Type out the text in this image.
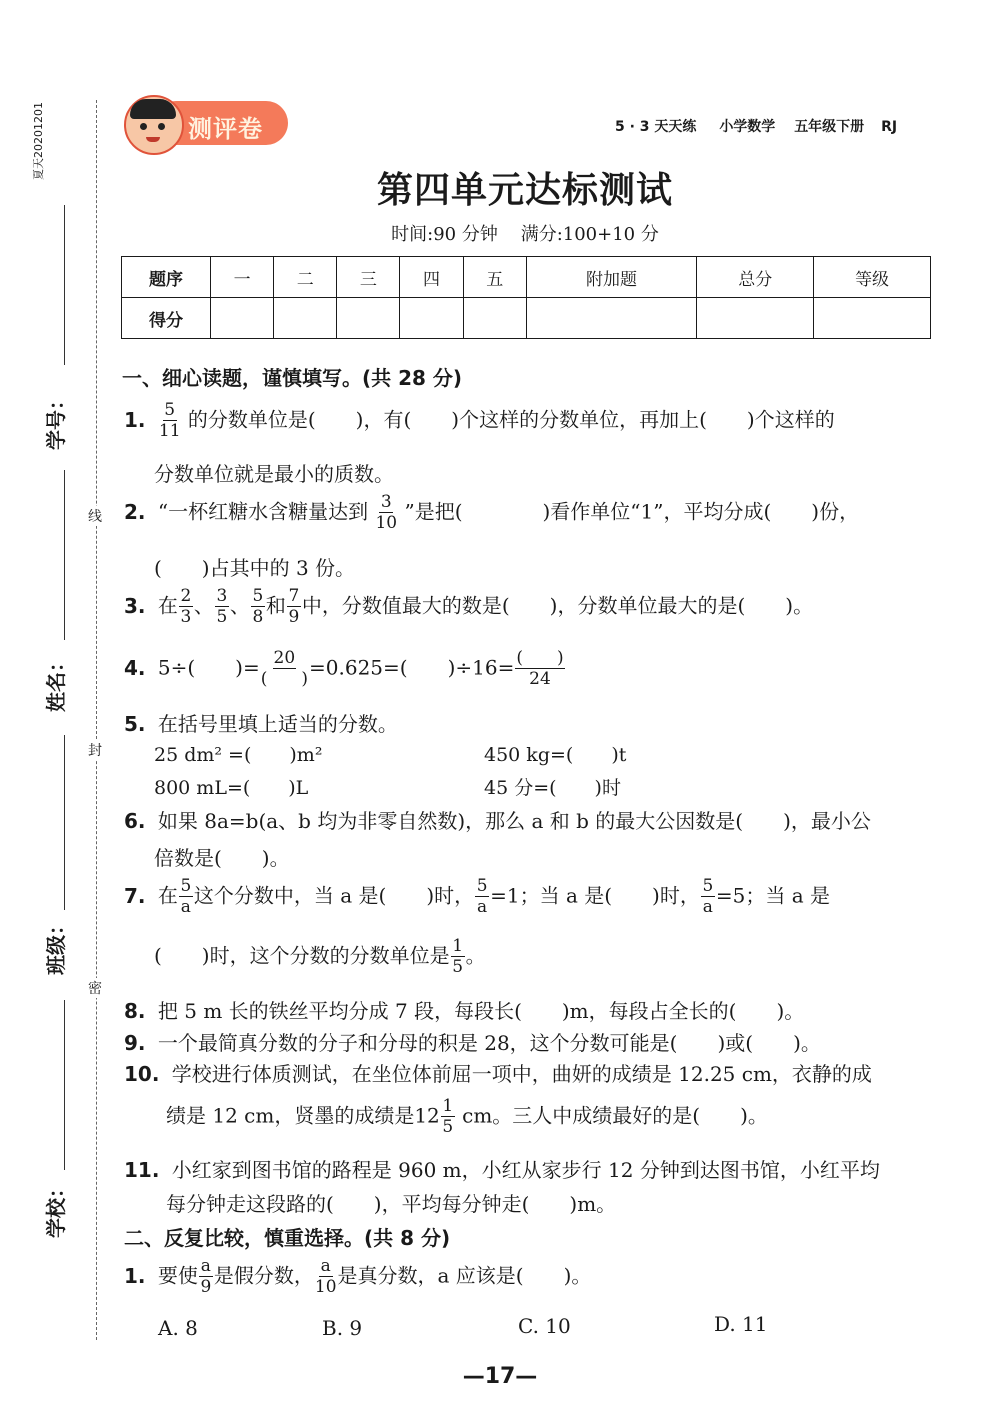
夏天20201201
学号：
姓名：
班级：
学校：
线
封
密
测评卷	5 · 3 天天练 小学数学 五年级下册 RJ
第四单元达标测试
时间:90 分钟    满分:100+10 分
题序	一	二	三	四	五	附加题	总分	等级
得分								
一、细心读题，谨慎填写。(共 28 分)
1. $\frac{5}{11}$ 的分数单位是(　　)，有(　　)个这样的分数单位，再加上(　　)个这样的
分数单位就是最小的质数。
2. “一杯红糖水含糖量达到 $\frac{3}{10}$ ”是把(　　　　)看作单位“1”，平均分成(　　)份，
(　　)占其中的 3 份。
3. 在 $\frac{2}{3}$ 、 $\frac{3}{5}$ 、 $\frac{5}{8}$ 和 $\frac{7}{9}$ 中，分数值最大的数是(　　)，分数单位最大的是(　　)。
4. 5÷(　　)= $\frac{20}{( )} =0.625=$(　　)$\div 16= \frac{( )}{24}$
5. 在括号里填上适当的分数。
25 dm² =(　　)m²	450 kg=(　　)t
800 mL=(　　)L	45 分=(　　)时
6. 如果 8a=b(a、b 均为非零自然数)，那么 a 和 b 的最大公因数是(　　)，最小公
倍数是(　　)。
7. 在 $\frac{5}{a}$ 这个分数中，当 a 是(　　)时， $\frac{5}{a} =1$；当 a 是(　　)时， $\frac{5}{a} =5$；当 a 是
(　　)时，这个分数的分数单位是 $\frac{1}{5}$ 。
8. 把 5 m 长的铁丝平均分成 7 段，每段长(　　)m，每段占全长的(　　)。
9. 一个最简真分数的分子和分母的积是 28，这个分数可能是(　　)或(　　)。
10. 学校进行体质测试，在坐位体前屈一项中，曲妍的成绩是 12.25 cm，衣静的成
绩是 12 cm，贤墨的成绩是$12 \frac{1}{5}$ cm。三人中成绩最好的是(　　)。
11. 小红家到图书馆的路程是 960 m，小红从家步行 12 分钟到达图书馆，小红平均
每分钟走这段路的(　　)，平均每分钟走(　　)m。
二、反复比较，慎重选择。(共 8 分)
1. 要使 $\frac{a}{9}$ 是假分数， $\frac{a}{10}$ 是真分数，a 应该是(　　)。
A. 8	B. 9	C. 10	D. 11
—17—
